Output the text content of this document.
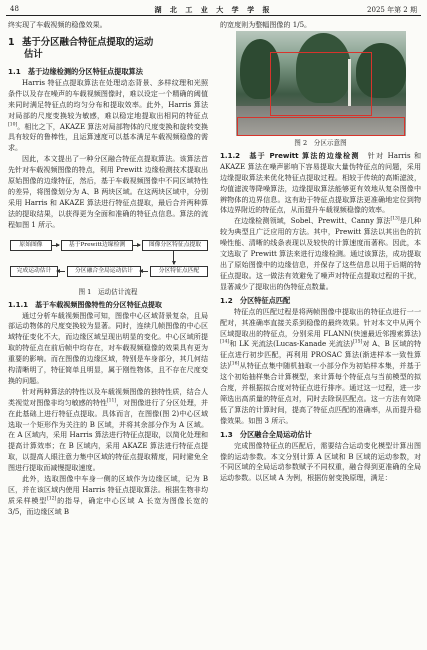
48	湖 北 工 业 大 学 学 报	2025 年第 2 期

终实现了车载视频的稳像效果。

1 基于分区融合特征点提取的运动
估计
1.1　基于边缘检测的分区特征点提取算法

Harris 特征点提取算法在处理动态背景、多样纹理和光照条件以及存在噪声的车载视频图像时，难以设定一个精确的阈值来同时满足特征点的均匀分布和提取效率。此外，Harris 算法对局部的尺度变换较为敏感，难以稳定地提取出相同的特征点[10]。相比之下，AKAZE 算法对局部物体的尺度变换和旋转变换具有较好的鲁棒性，且运算速度可以基本满足车载视频稳像的需求。

因此，本文提出了一种分区融合特征点提取算法。该算法首先针对车载视频图像的特点，利用 Prewitt 边缘检测技术提取出原始图像的边缘特征，然后，基于车载视频图像中不同区域特性的差异，将图像划分为 A、B 两块区域。在这两块区域中，分别采用 Harris 和 AKAZE 算法进行特征点提取，最后合并两种算法的提取结果，以获得更为全面和准确的特征点信息。算法的流程如图 1 所示。

原始图像	基于Prewitt边缘检测	图像分区特征点提取
完成运动估计	分区融合全局运动估计	分区特征点匹配
图 1　运动估计流程
1.1.1　基于车载视频图像特性的分区特征点提取

通过分析车载视频图像可知，图像中心区域背景复杂，且局部运动物体的尺度变换较为显著。同时，连续几帧图像的中心区域特征变化不大，而边缘区域呈现出明显的变化。中心区域所提取的特征点在前后帧中均存在，对车载视频稳像的效果具有更为重要的影响。而在图像的边缘区域，特别是车身部分，其几何结构清晰明了，特征简单且明显，属于刚性物体，且不存在尺度变换的问题。

针对两种算法的特性以及车载视频图像的独特性质，结合人类视觉对图像非均匀敏感的特性[11]，对图像进行了分区处理，并在此基础上进行特征点提取。具体而言，在图像(图 2)中心区域选取一个矩形作为关注的 B 区域，并将其余部分作为 A 区域。在 A 区域内，采用 Harris 算法进行特征点提取，以简化处理和提高计算效率；在 B 区域内，采用 AKAZE 算法进行特征点提取，以提高人眼注意力集中区域的特征点提取精度，同时避免全图进行提取而减慢提取速度。

此外，选取图像中车身一侧的区域作为边缘区域，记为 B 区，并在该区域内使用 Harris 特征点提取算法。根据生物非均质采样模型[12]的指导，确定中心区域 A 长宽为图像长宽的 3/5，而边缘区域 B

的宽度则为整幅图像的 1/5。

图 2　分区示意图

1.1.2　基于 Prewitt 算法的边缘检测　 针对 Harris 和 AKAZE 算法在噪声影响下容易提取大量伪特征点的问题，采用边缘提取算法来优化特征点提取过程。相较于传统的高斯滤波，均值滤波等降噪算法，边缘提取算法能够更有效地从复杂图像中辨物体的边界信息。这有助于特征点提取算法更准确地定位到物体边界附近的特征点，从而提升车载视频稳像的效率。

在边缘检测领域，Sobel、Prewitt、Canny 算法[13]是几种较为典型且广泛应用的方法。其中，Prewitt 算法以其出色的抗噪性能、清晰的线条表现以及较快的计算速度而著称。因此，本文选取了 Prewitt 算法来进行边缘检测。通过该算法，成功提取出了原始图像中的边缘信息，并保存了这些信息以用于后期的特征点提取。这一做法有效避免了噪声对特征点提取过程的干扰，显著减少了提取出的伪特征点数量。

1.2　分区特征点匹配

特征点的匹配过程是将两帧图像中提取出的特征点进行一一配对，其准确率直接关系到稳像的最终效果。针对本文中从两个区域提取出的特征点，分别采用 FLANN(快速最近邻搜索算法)[14]和 LK 光流法(Lucas-Kanade 光流法)[15]对 A、B 区域的特征点进行初步匹配，再利用 PROSAC 算法(渐进样本一致性算法)[16]从特征点集中随机抽取一小部分作为初始样本集，并基于这个初始抽样集合计算模型，来计算每个特征点与当前模型的拟合度，并根据拟合度对特征点进行排序。通过这一过程，进一步筛选出高质量的特征点对，同时去除误匹配点。这一方法有效降低了算法的计算时间，提高了特征点匹配的准确率，从而提升稳像效果。如图 3 所示。

1.3　分区融合全局运动估计

完成图像特征点的匹配后，需要结合运动变化模型计算出图像的运动参数。本文分别计算 A 区域和 B 区域的运动参数，对不同区域的全局运动参数赋予不同权重，融合得到更准确的全局运动参数。以区域 A 为例，根据仿射变换原理，满足：
